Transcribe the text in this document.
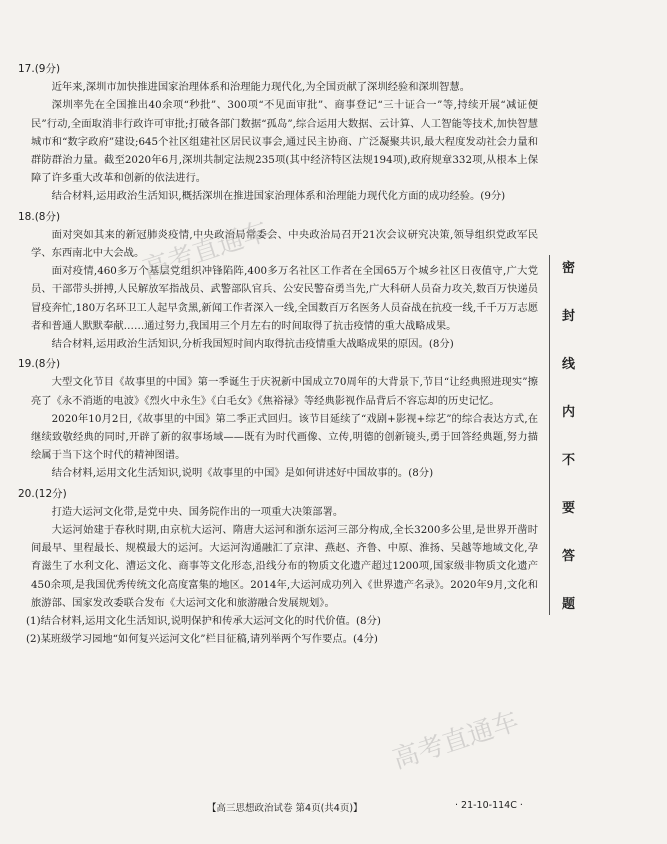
17.(9分)
近年来,深圳市加快推进国家治理体系和治理能力现代化,为全国贡献了深圳经验和深圳智慧。
深圳率先在全国推出40余项“秒批”、300项“不见面审批”、商事登记“三十证合一”等,持续开展“减证便民”行动,全面取消非行政许可审批;打破各部门数据“孤岛”,综合运用大数据、云计算、人工智能等技术,加快智慧城市和“数字政府”建设;645个社区组建社区居民议事会,通过民主协商、广泛凝聚共识,最大程度发动社会力量和群防群治力量。截至2020年6月,深圳共制定法规235项(其中经济特区法规194项),政府规章332项,从根本上保障了许多重大改革和创新的依法进行。
结合材料,运用政治生活知识,概括深圳在推进国家治理体系和治理能力现代化方面的成功经验。(9分)
18.(8分)
面对突如其来的新冠肺炎疫情,中央政治局常委会、中央政治局召开21次会议研究决策,领导组织党政军民学、东西南北中大会战。
面对疫情,460多万个基层党组织冲锋陷阵,400多万名社区工作者在全国65万个城乡社区日夜值守,广大党员、干部带头拼搏,人民解放军指战员、武警部队官兵、公安民警奋勇当先,广大科研人员奋力攻关,数百万快递员冒疫奔忙,180万名环卫工人起早贪黑,新闻工作者深入一线,全国数百万名医务人员奋战在抗疫一线,千千万万志愿者和普通人默默奉献……通过努力,我国用三个月左右的时间取得了抗击疫情的重大战略成果。
结合材料,运用政治生活知识,分析我国短时间内取得抗击疫情重大战略成果的原因。(8分)
19.(8分)
大型文化节目《故事里的中国》第一季诞生于庆祝新中国成立70周年的大背景下,节目“让经典照进现实”擦亮了《永不消逝的电波》《烈火中永生》《白毛女》《焦裕禄》等经典影视作品背后不容忘却的历史记忆。
2020年10月2日,《故事里的中国》第二季正式回归。该节目延续了“戏剧+影视+综艺”的综合表达方式,在继续致敬经典的同时,开辟了新的叙事场域——既有为时代画像、立传,明德的创新镜头,勇于回答经典题,努力描绘属于当下这个时代的精神图谱。
结合材料,运用文化生活知识,说明《故事里的中国》是如何讲述好中国故事的。(8分)
20.(12分)
打造大运河文化带,是党中央、国务院作出的一项重大决策部署。
大运河始建于春秋时期,由京杭大运河、隋唐大运河和浙东运河三部分构成,全长3200多公里,是世界开凿时间最早、里程最长、规模最大的运河。大运河沟通融汇了京津、燕赵、齐鲁、中原、淮扬、吴越等地域文化,孕育滋生了水利文化、漕运文化、商事等文化形态,沿线分布的物质文化遗产超过1200项,国家级非物质文化遗产450余项,是我国优秀传统文化高度富集的地区。2014年,大运河成功列入《世界遗产名录》。2020年9月,文化和旅游部、国家发改委联合发布《大运河文化和旅游融合发展规划》。
(1)结合材料,运用文化生活知识,说明保护和传承大运河文化的时代价值。(8分)
(2)某班级学习园地“如何复兴运河文化”栏目征稿,请列举两个写作要点。(4分)
密
封
线
内
不
要
答
题
高考直通车
高考直通车
【高三思想政治试卷 第4页(共4页)】	· 21-10-114C ·
